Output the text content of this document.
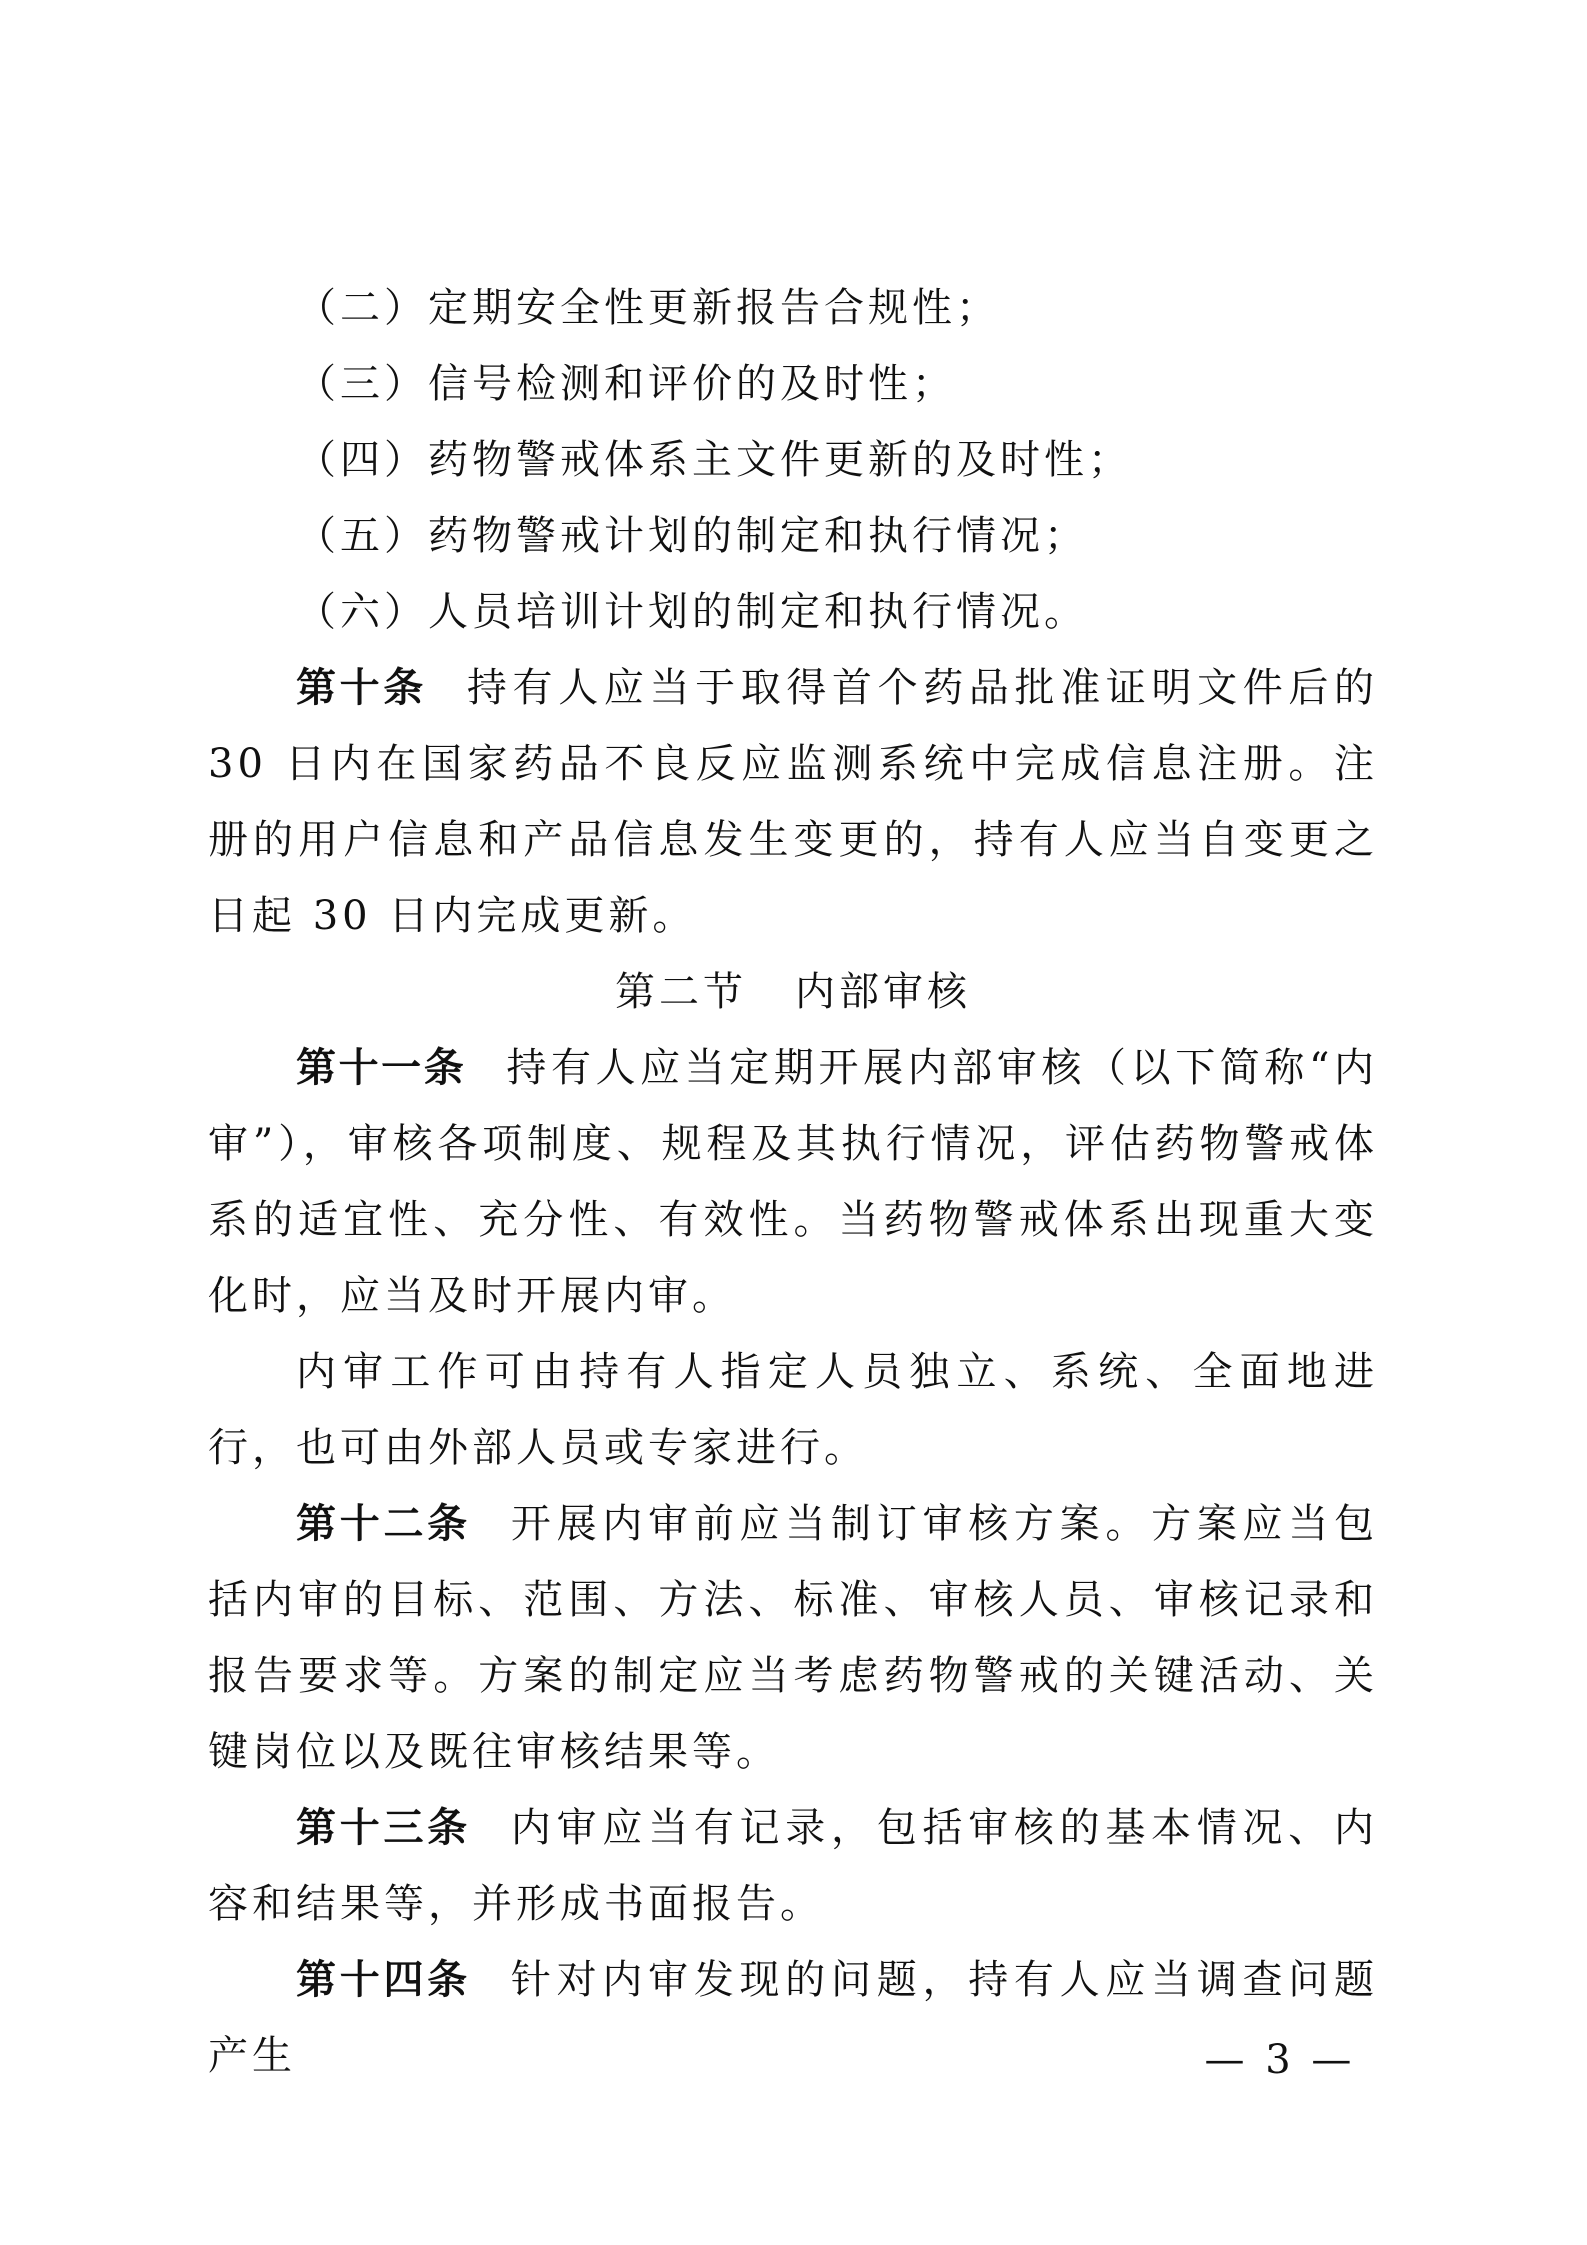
（二）定期安全性更新报告合规性；

（三）信号检测和评价的及时性；

（四）药物警戒体系主文件更新的及时性；

（五）药物警戒计划的制定和执行情况；

（六）人员培训计划的制定和执行情况。

第十条 持有人应当于取得首个药品批准证明文件后的 30 日内在国家药品不良反应监测系统中完成信息注册。注册的用户信息和产品信息发生变更的，持有人应当自变更之日起 30 日内完成更新。

第二节 内部审核

第十一条 持有人应当定期开展内部审核（以下简称“内审”），审核各项制度、规程及其执行情况，评估药物警戒体系的适宜性、充分性、有效性。当药物警戒体系出现重大变化时，应当及时开展内审。

内审工作可由持有人指定人员独立、系统、全面地进行，也可由外部人员或专家进行。

第十二条 开展内审前应当制订审核方案。方案应当包括内审的目标、范围、方法、标准、审核人员、审核记录和报告要求等。方案的制定应当考虑药物警戒的关键活动、关键岗位以及既往审核结果等。

第十三条 内审应当有记录，包括审核的基本情况、内容和结果等，并形成书面报告。

第十四条 针对内审发现的问题，持有人应当调查问题产生	— 3 —
